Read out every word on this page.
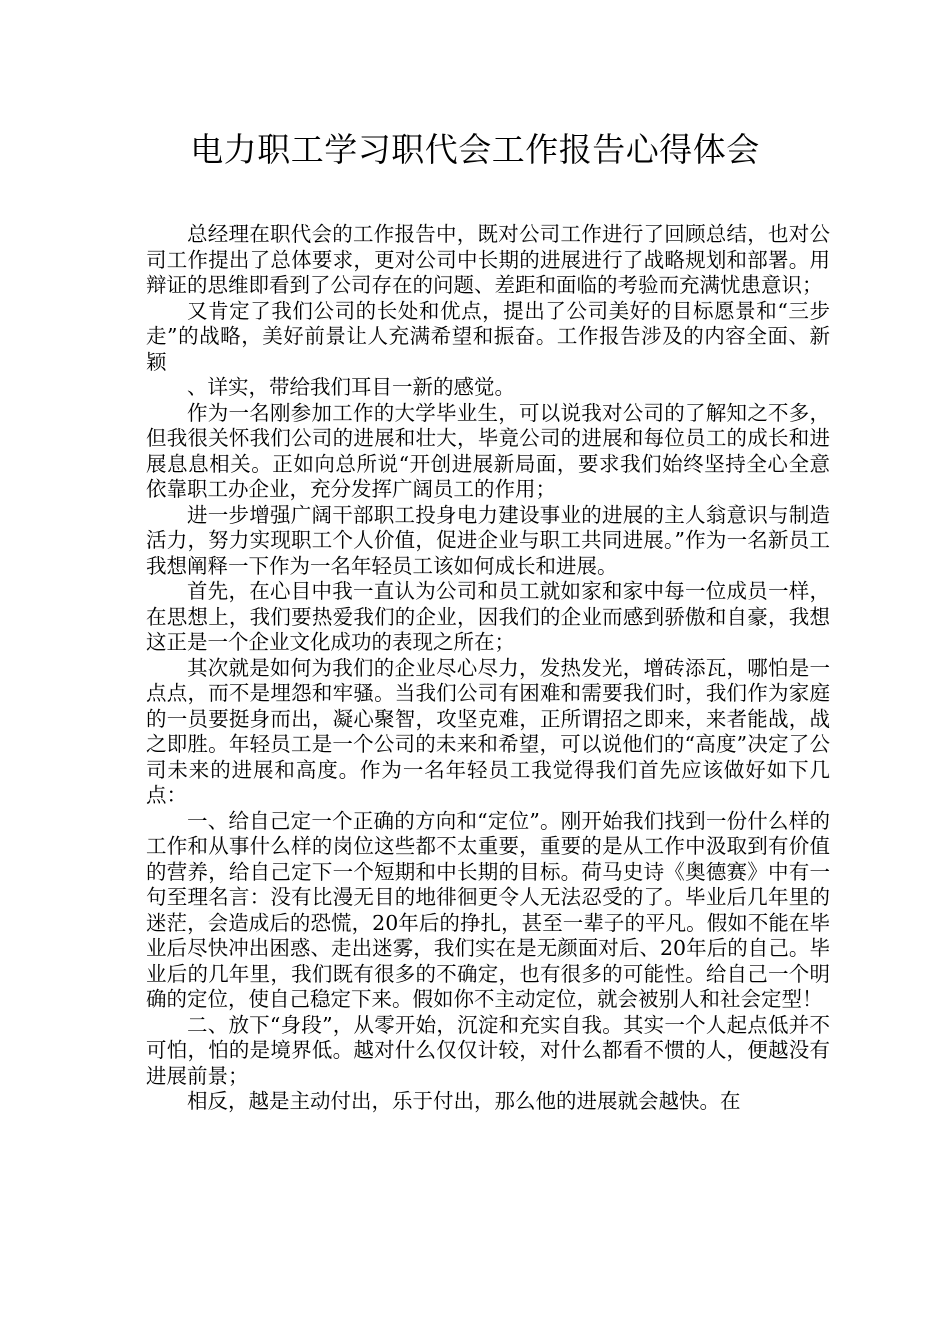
电力职工学习职代会工作报告心得体会

总经理在职代会的工作报告中，既对公司工作进行了回顾总结，也对公司工作提出了总体要求，更对公司中长期的进展进行了战略规划和部署。用辩证的思维即看到了公司存在的问题、差距和面临的考验而充满忧患意识；

又肯定了我们公司的长处和优点，提出了公司美好的目标愿景和“三步走”的战略，美好前景让人充满希望和振奋。工作报告涉及的内容全面、新颖

、详实，带给我们耳目一新的感觉。

作为一名刚参加工作的大学毕业生，可以说我对公司的了解知之不多，但我很关怀我们公司的进展和壮大，毕竟公司的进展和每位员工的成长和进展息息相关。正如向总所说“开创进展新局面，要求我们始终坚持全心全意依靠职工办企业，充分发挥广阔员工的作用；

进一步增强广阔干部职工投身电力建设事业的进展的主人翁意识与制造活力，努力实现职工个人价值，促进企业与职工共同进展。”作为一名新员工我想阐释一下作为一名年轻员工该如何成长和进展。

首先，在心目中我一直认为公司和员工就如家和家中每一位成员一样，在思想上，我们要热爱我们的企业，因我们的企业而感到骄傲和自豪，我想这正是一个企业文化成功的表现之所在；

其次就是如何为我们的企业尽心尽力，发热发光，增砖添瓦，哪怕是一点点，而不是埋怨和牢骚。当我们公司有困难和需要我们时，我们作为家庭的一员要挺身而出，凝心聚智，攻坚克难，正所谓招之即来，来者能战，战之即胜。年轻员工是一个公司的未来和希望，可以说他们的“高度”决定了公司未来的进展和高度。作为一名年轻员工我觉得我们首先应该做好如下几点：

一、给自己定一个正确的方向和“定位”。刚开始我们找到一份什么样的工作和从事什么样的岗位这些都不太重要，重要的是从工作中汲取到有价值的营养，给自己定下一个短期和中长期的目标。荷马史诗《奥德赛》中有一句至理名言：没有比漫无目的地徘徊更令人无法忍受的了。毕业后几年里的迷茫，会造成后的恐慌，20年后的挣扎，甚至一辈子的平凡。假如不能在毕业后尽快冲出困惑、走出迷雾，我们实在是无颜面对后、20年后的自己。毕业后的几年里，我们既有很多的不确定，也有很多的可能性。给自己一个明确的定位，使自己稳定下来。假如你不主动定位，就会被别人和社会定型！

二、放下“身段”，从零开始，沉淀和充实自我。其实一个人起点低并不可怕，怕的是境界低。越对什么仅仅计较，对什么都看不惯的人，便越没有进展前景；

相反，越是主动付出，乐于付出，那么他的进展就会越快。在
